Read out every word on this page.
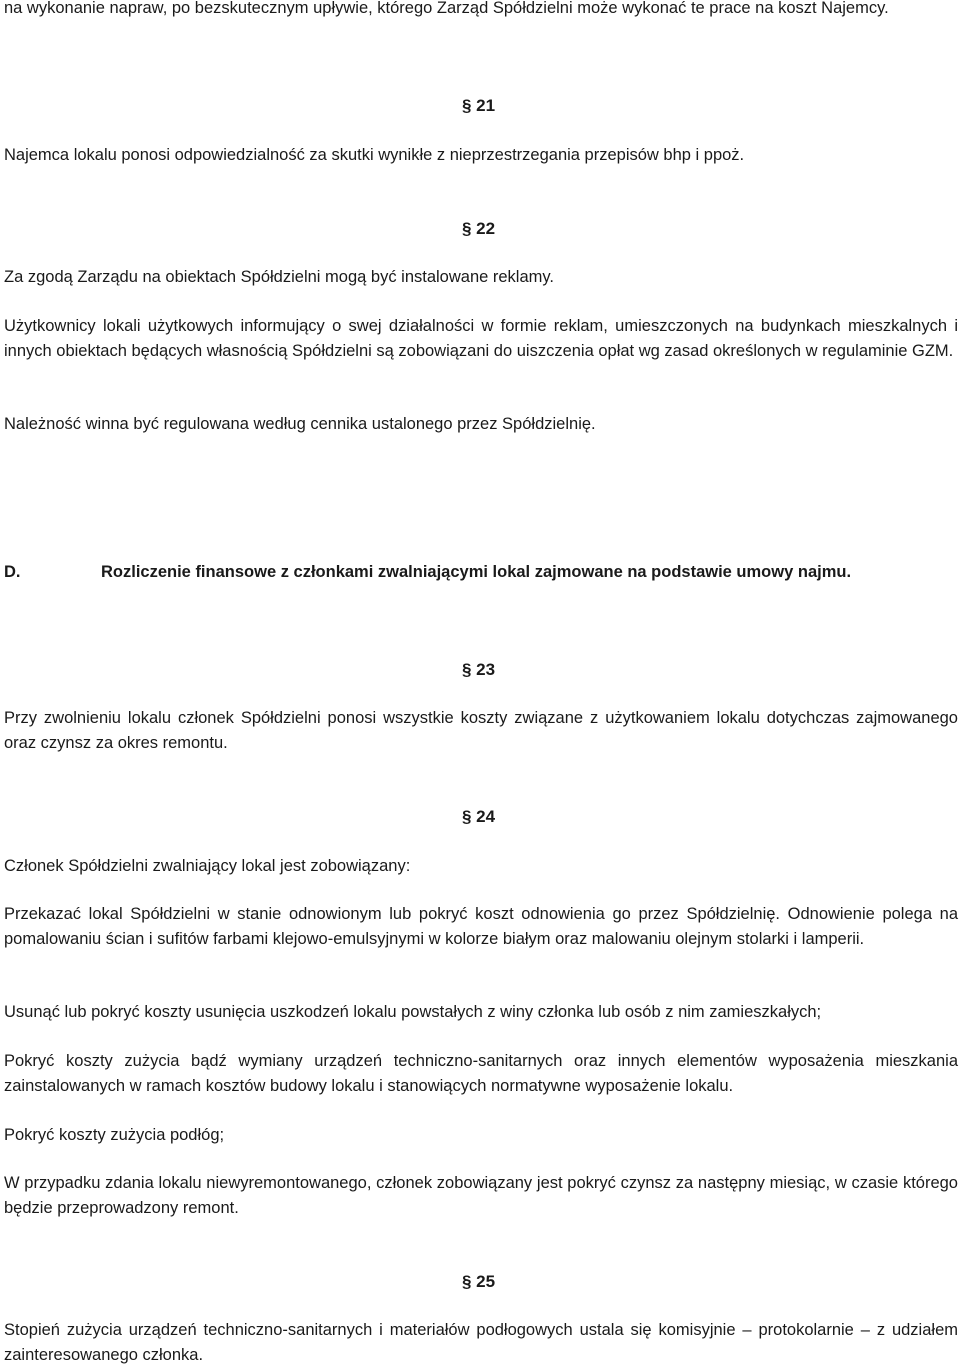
na wykonanie napraw, po bezskutecznym upływie, którego Zarząd Spółdzielni może wykonać te prace na koszt Najemcy.

§ 21

Najemca lokalu ponosi odpowiedzialność za skutki wynikłe z nieprzestrzegania przepisów bhp i ppoż.

§ 22

Za zgodą Zarządu na obiektach Spółdzielni mogą być instalowane reklamy.

Użytkownicy lokali użytkowych informujący o swej działalności w formie reklam, umieszczonych na budynkach mieszkalnych i innych obiektach będących własnością Spółdzielni są zobowiązani do uiszczenia opłat wg zasad określonych w regulaminie GZM.

Należność winna być regulowana według cennika ustalonego przez Spółdzielnię.

D.	Rozliczenie finansowe z członkami zwalniającymi lokal zajmowane na podstawie umowy najmu.

§ 23

Przy zwolnieniu lokalu członek Spółdzielni ponosi wszystkie koszty związane z użytkowaniem lokalu dotychczas zajmowanego oraz czynsz za okres remontu.

§ 24

Członek Spółdzielni zwalniający lokal jest zobowiązany:

Przekazać lokal Spółdzielni w stanie odnowionym lub pokryć koszt odnowienia go przez Spółdzielnię. Odnowienie polega na pomalowaniu ścian i sufitów farbami klejowo-emulsyjnymi w kolorze białym oraz malowaniu olejnym stolarki i lamperii.

Usunąć lub pokryć koszty usunięcia uszkodzeń lokalu powstałych z winy członka lub osób z nim zamieszkałych;

Pokryć koszty zużycia bądź wymiany urządzeń techniczno-sanitarnych oraz innych elementów wyposażenia mieszkania zainstalowanych w ramach kosztów budowy lokalu i stanowiących normatywne wyposażenie lokalu.

Pokryć koszty zużycia podłóg;

W przypadku zdania lokalu niewyremontowanego, członek zobowiązany jest pokryć czynsz za następny miesiąc, w czasie którego będzie przeprowadzony remont.

§ 25

Stopień zużycia urządzeń techniczno-sanitarnych i materiałów podłogowych ustala się komisyjnie – protokolarnie – z udziałem zainteresowanego członka.
